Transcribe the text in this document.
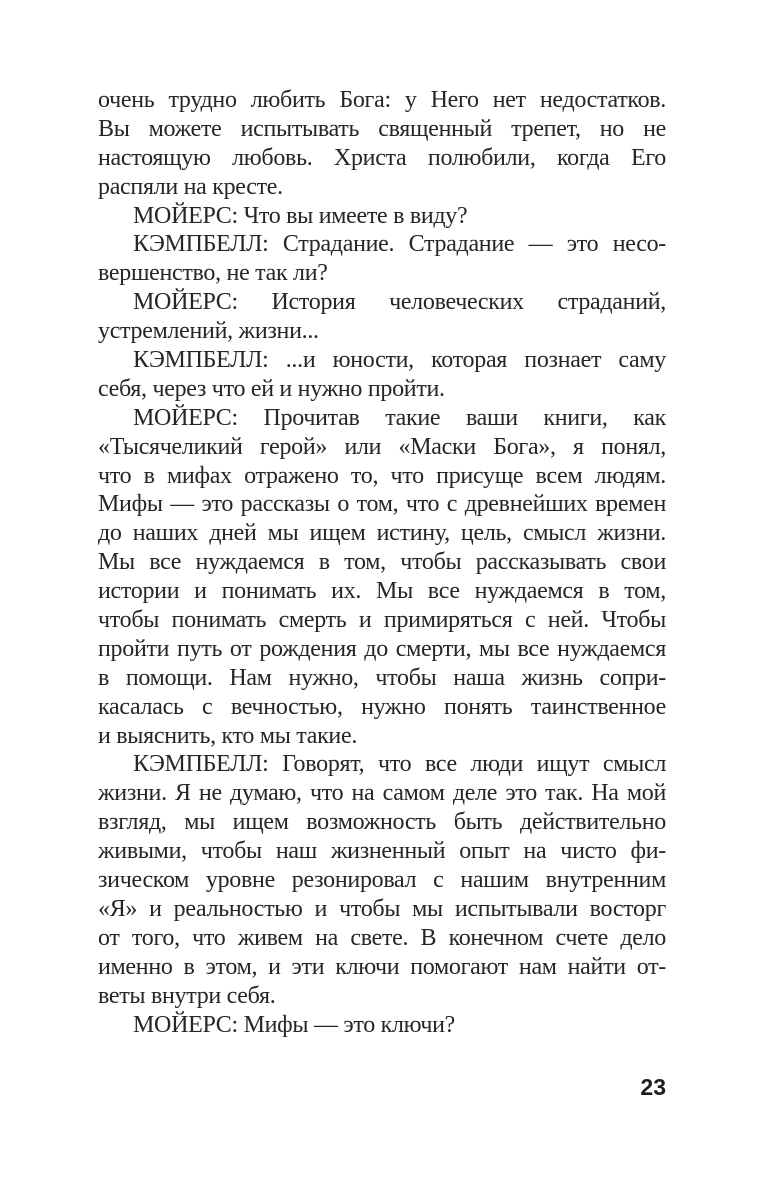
очень трудно любить Бога: у Него нет недостатков.
Вы можете испытывать священный трепет, но не
настоящую любовь. Христа полюбили, когда Его
распяли на кресте.
МОЙЕРС: Что вы имеете в виду?
КЭМПБЕЛЛ: Страдание. Страдание — это несо-
вершенство, не так ли?
МОЙЕРС: История человеческих страданий,
устремлений, жизни...
КЭМПБЕЛЛ: ...и юности, которая познает саму
себя, через что ей и нужно пройти.
МОЙЕРС: Прочитав такие ваши книги, как
«Тысячеликий герой» или «Маски Бога», я понял,
что в мифах отражено то, что присуще всем людям.
Мифы — это рассказы о том, что с древнейших времен
до наших дней мы ищем истину, цель, смысл жизни.
Мы все нуждаемся в том, чтобы рассказывать свои
истории и понимать их. Мы все нуждаемся в том,
чтобы понимать смерть и примиряться с ней. Чтобы
пройти путь от рождения до смерти, мы все нуждаемся
в помощи. Нам нужно, чтобы наша жизнь сопри-
касалась с вечностью, нужно понять таинственное
и выяснить, кто мы такие.
КЭМПБЕЛЛ: Говорят, что все люди ищут смысл
жизни. Я не думаю, что на самом деле это так. На мой
взгляд, мы ищем возможность быть действительно
живыми, чтобы наш жизненный опыт на чисто фи-
зическом уровне резонировал с нашим внутренним
«Я» и реальностью и чтобы мы испытывали восторг
от того, что живем на свете. В конечном счете дело
именно в этом, и эти ключи помогают нам найти от-
веты внутри себя.
МОЙЕРС: Мифы — это ключи?
23
